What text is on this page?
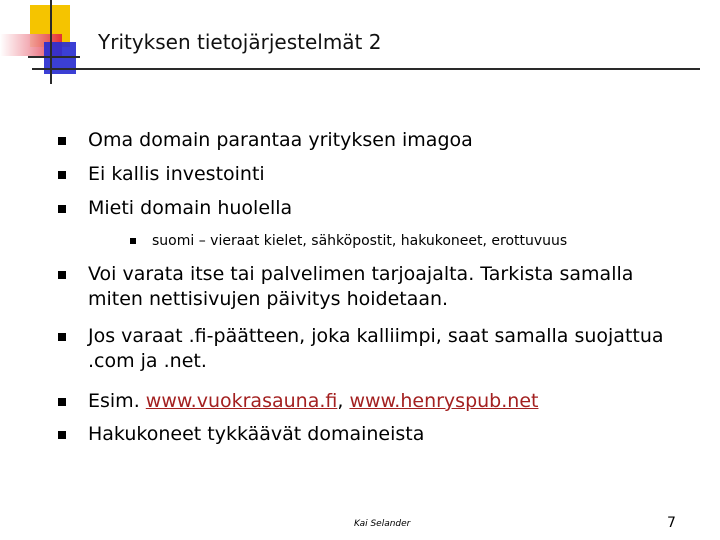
Yrityksen tietojärjestelmät 2
Oma domain parantaa yrityksen imagoa
Ei kallis investointi
Mieti domain huolella
suomi – vieraat kielet, sähköpostit, hakukoneet, erottuvuus
Voi varata itse tai palvelimen tarjoajalta. Tarkista samalla miten nettisivujen päivitys hoidetaan.
Jos varaat .fi-päätteen, joka kalliimpi, saat samalla suojattua .com ja .net.
Esim. www.vuokrasauna.fi, www.henryspub.net
Hakukoneet tykkäävät domaineista
Kai Selander	7
